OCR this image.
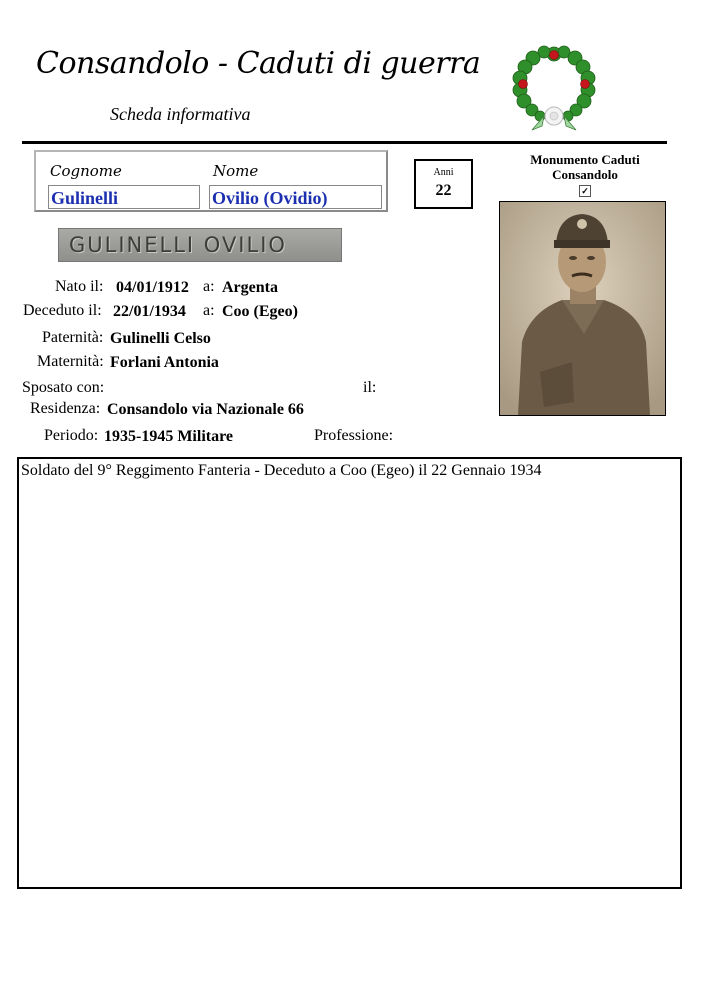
Consandolo - Caduti di guerra
Scheda informativa
Cognome
Gulinelli
Nome
Ovilio (Ovidio)
Anni
22
Monumento Caduti
Consandolo
✓
GULINELLI OVILIO
Nato il: 04/01/1912 a: Argenta
Deceduto il: 22/01/1934 a: Coo (Egeo)
Paternità: Gulinelli Celso
Maternità: Forlani Antonia
Sposato con:	il:
Residenza: Consandolo via Nazionale 66
Periodo: 1935-1945 Militare	Professione:
Soldato del 9° Reggimento Fanteria - Deceduto a Coo (Egeo) il 22 Gennaio 1934
